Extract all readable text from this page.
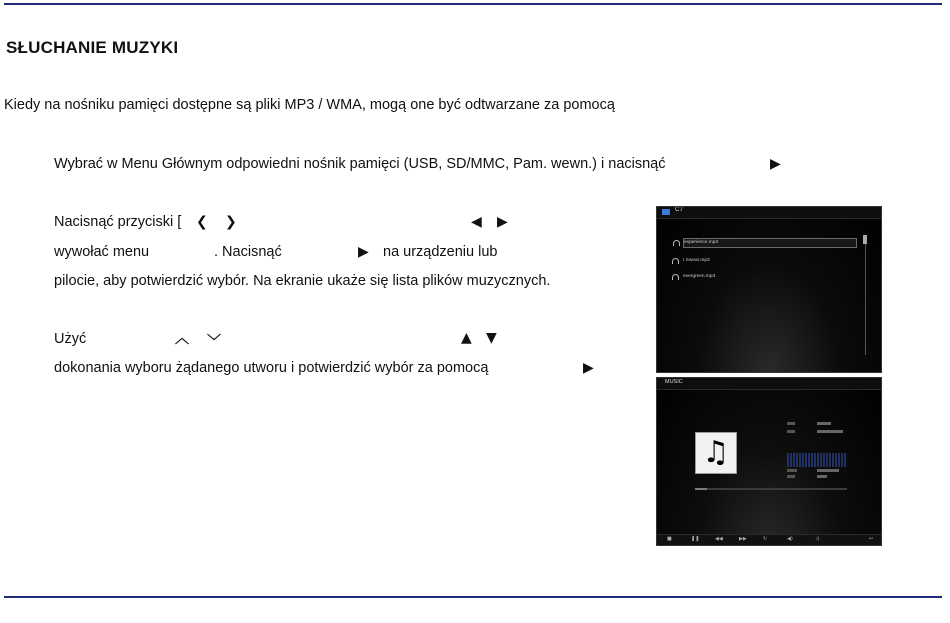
SŁUCHANIE MUZYKI
Kiedy na nośniku pamięci dostępne są pliki MP3 / WMA, mogą one być odtwarzane za pomocą
Wybrać w Menu Głównym odpowiedni nośnik pamięci (USB, SD/MMC, Pam. wewn.) i nacisnąć	▶
Nacisnąć przyciski [ ❮ ❯	◀ ▶
wywołać menu	. Nacisnąć	▶ na urządzeniu lub
pilocie, aby potwierdzić wybór. Na ekranie ukaże się lista plików muzycznych.
Użyć	︿ ﹀	▲ ▼
dokonania wyboru żądanego utworu i potwierdzić wybór za pomocą	▶
C:/
experience.mp3
I Swear.mp3
evergreen.mp3
MUSIC
♫
■	❚❚	◀◀	▶▶	↻	◀)	⤨	↩
